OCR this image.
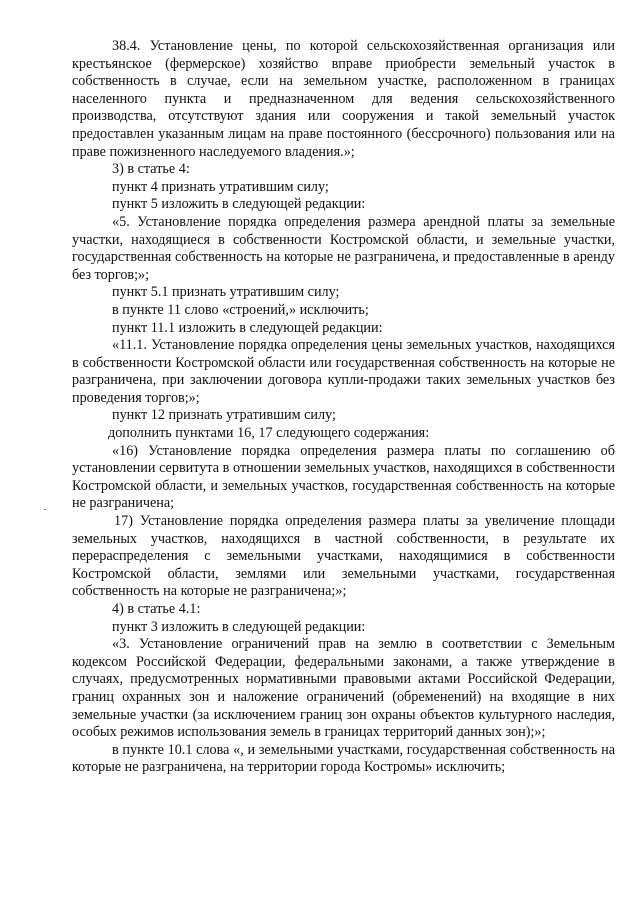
38.4. Установление цены, по которой сельскохозяйственная организация или крестьянское (фермерское) хозяйство вправе приобрести земельный участок в собственность в случае, если на земельном участке, расположенном в границах населенного пункта и предназначенном для ведения сельскохозяйственного производства, отсутствуют здания или сооружения и такой земельный участок предоставлен указанным лицам на праве постоянного (бессрочного) пользования или на праве пожизненного наследуемого владения.»;

3) в статье 4:

пункт 4 признать утратившим силу;

пункт 5 изложить в следующей редакции:

«5. Установление порядка определения размера арендной платы за земельные участки, находящиеся в собственности Костромской области, и земельные участки, государственная собственность на которые не разграничена, и предоставленные в аренду без торгов;»;

пункт 5.1 признать утратившим силу;

в пункте 11 слово «строений,» исключить;

пункт 11.1 изложить в следующей редакции:

«11.1. Установление порядка определения цены земельных участков, находящихся в собственности Костромской области или государственная собственность на которые не разграничена, при заключении договора купли-продажи таких земельных участков без проведения торгов;»;

пункт 12 признать утратившим силу;

дополнить пунктами 16, 17 следующего содержания:

«16) Установление порядка определения размера платы по соглашению об установлении сервитута в отношении земельных участков, находящихся в собственности Костромской области, и земельных участков, государственная собственность на которые не разграничена;

17) Установление порядка определения размера платы за увеличение площади земельных участков, находящихся в частной собственности, в результате их перераспределения с земельными участками, находящимися в собственности Костромской области, землями или земельными участками, государственная собственность на которые не разграничена;»;

4) в статье 4.1:

пункт 3 изложить в следующей редакции:

«3. Установление ограничений прав на землю в соответствии с Земельным кодексом Российской Федерации, федеральными законами, а также утверждение в случаях, предусмотренных нормативными правовыми актами Российской Федерации, границ охранных зон и наложение ограничений (обременений) на входящие в них земельные участки (за исключением границ зон охраны объектов культурного наследия, особых режимов использования земель в границах территорий данных зон);»;

в пункте 10.1 слова «, и земельными участками, государственная собственность на которые не разграничена, на территории города Костромы» исключить;
